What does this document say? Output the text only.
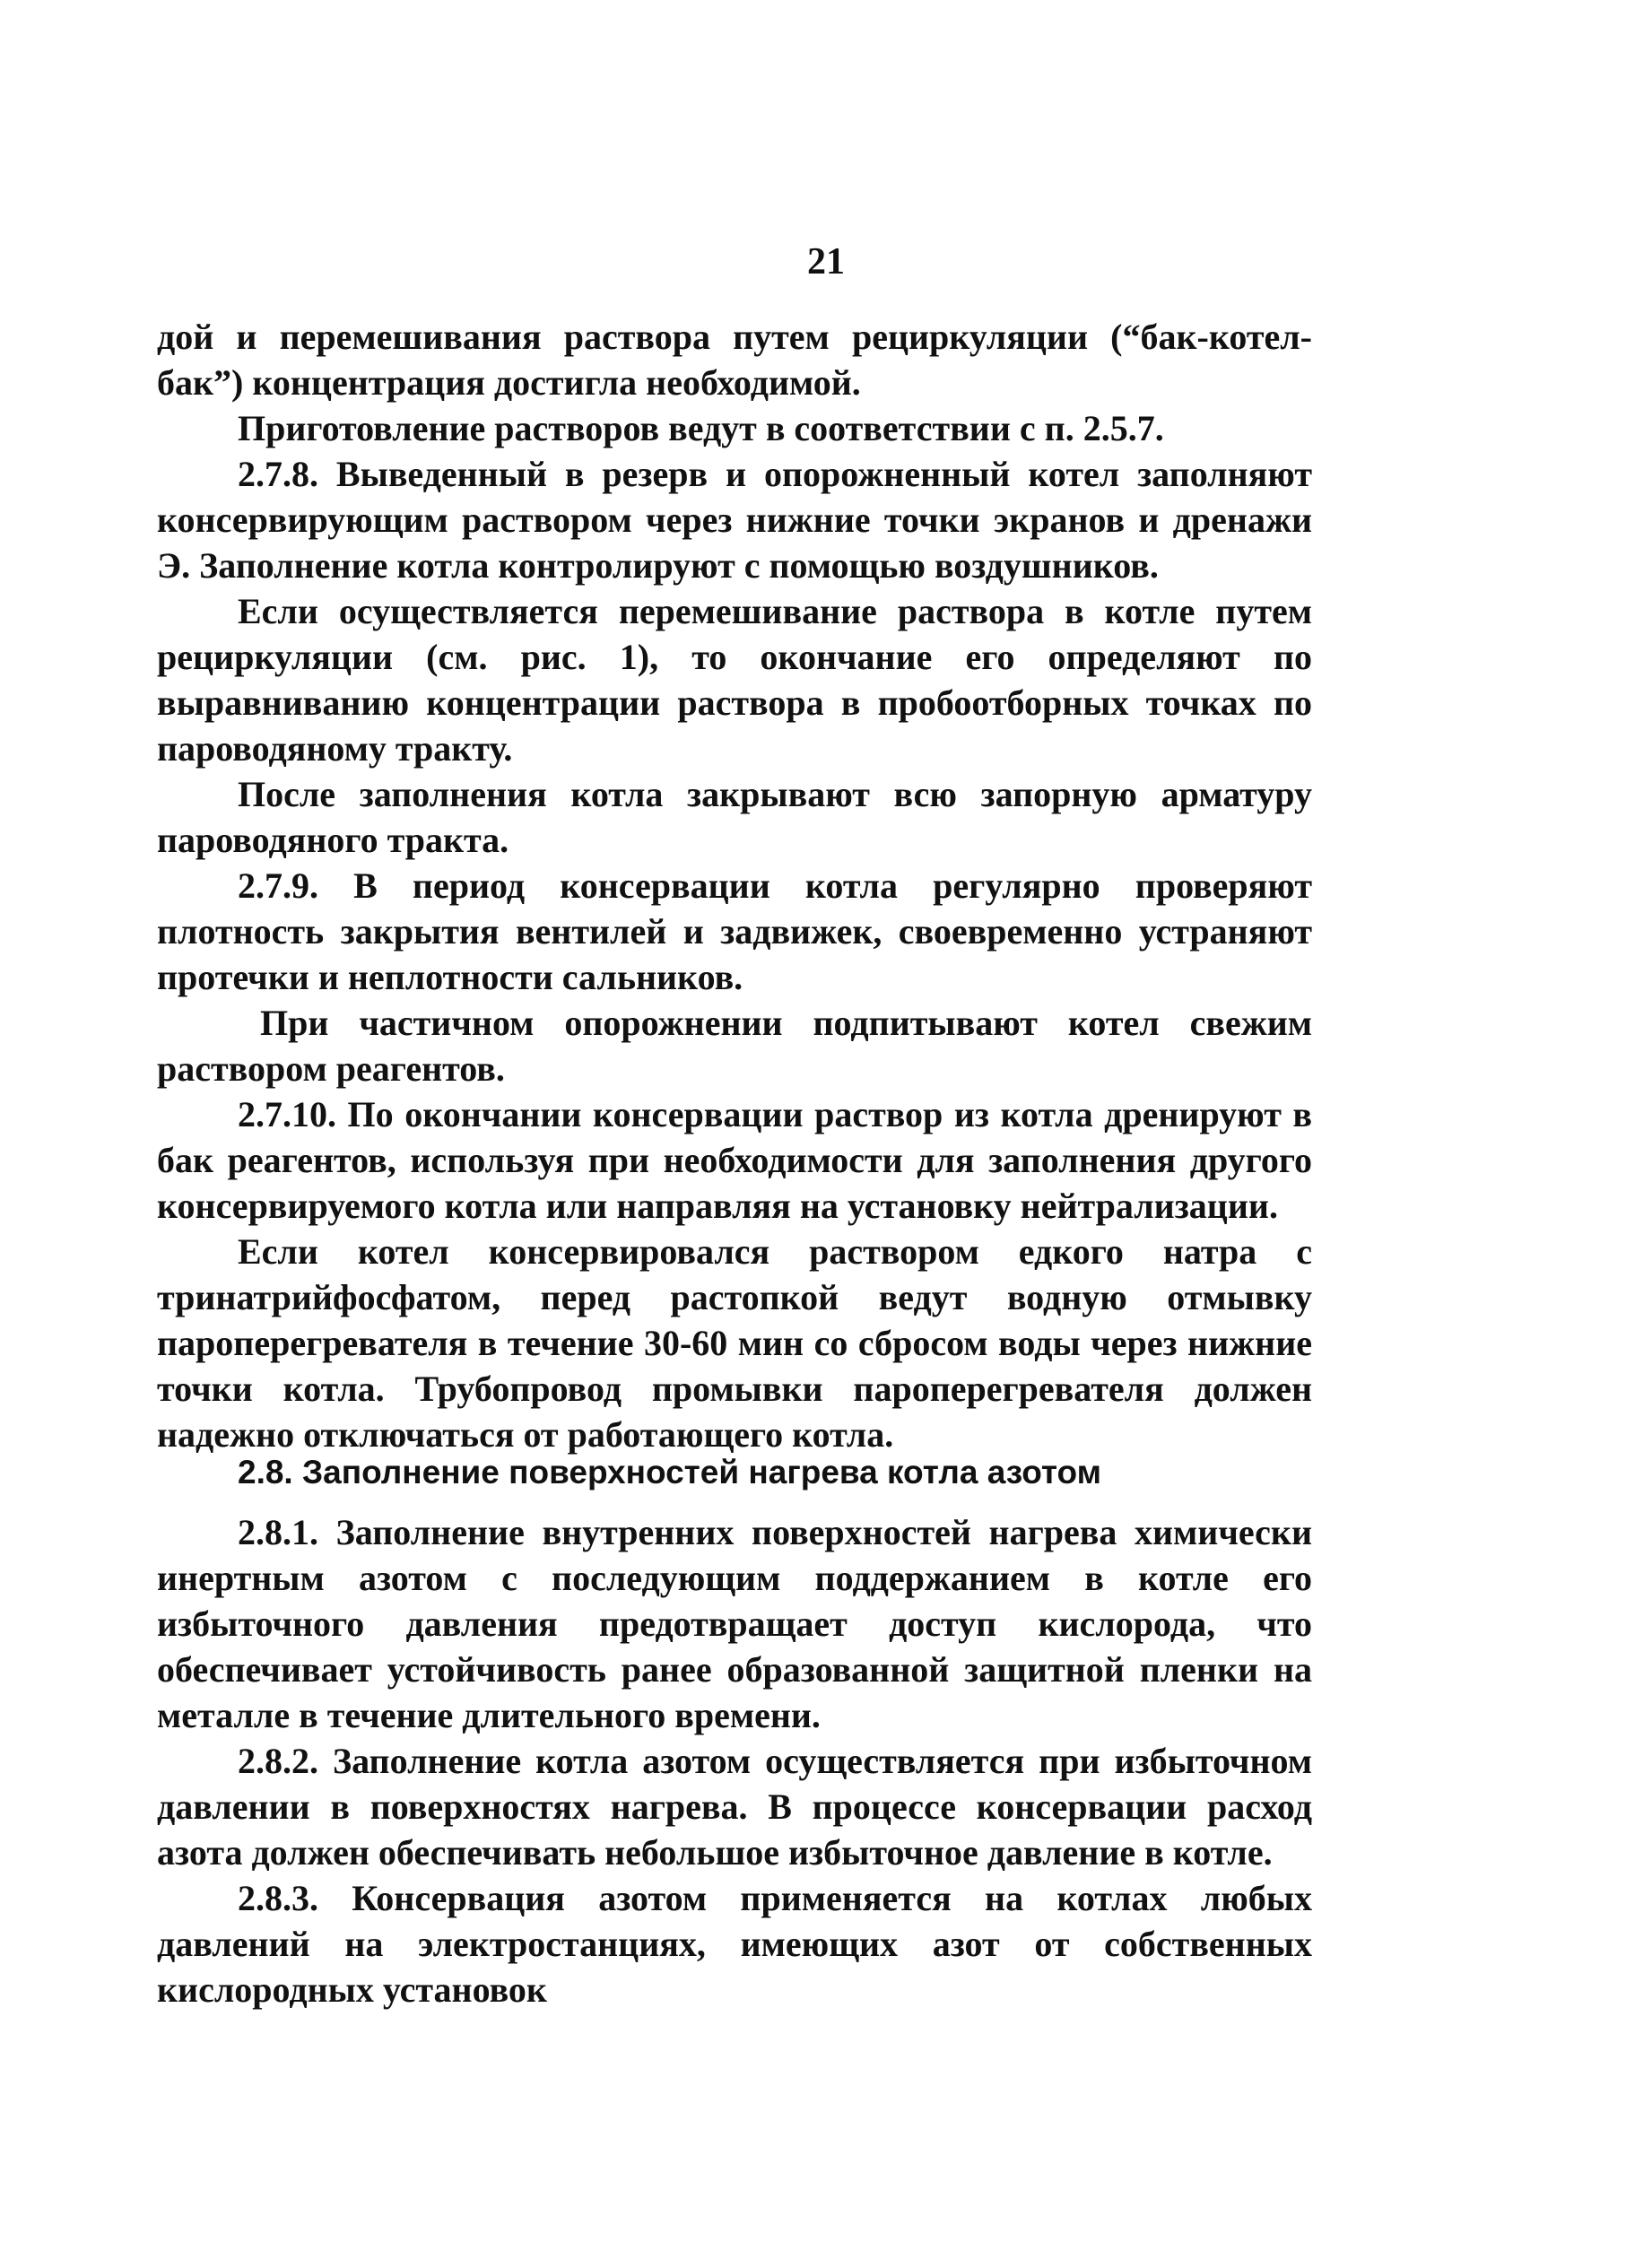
21

дой и перемешивания раствора путем рециркуляции (“бак-котел-бак”) концентрация достигла необходимой.

Приготовление растворов ведут в соответствии с п. 2.5.7.

2.7.8. Выведенный в резерв и опорожненный котел заполняют консервирующим раствором через нижние точки экранов и дренажи Э. Заполнение котла контролируют с помощью воздушников.

Если осуществляется перемешивание раствора в котле путем рециркуляции (см. рис. 1), то окончание его определяют по выравниванию концентрации раствора в пробоотборных точках по пароводяному тракту.

После заполнения котла закрывают всю запорную арматуру пароводяного тракта.

2.7.9. В период консервации котла регулярно проверяют плотность закрытия вентилей и задвижек, своевременно устраняют протечки и неплотности сальников.

При частичном опорожнении подпитывают котел свежим раствором реагентов.

2.7.10. По окончании консервации раствор из котла дренируют в бак реагентов, используя при необходимости для заполнения другого консервируемого котла или направляя на установку нейтрализации.

Если котел консервировался раствором едкого натра с тринатрийфосфатом, перед растопкой ведут водную отмывку пароперегревателя в течение 30-60 мин со сбросом воды через нижние точки котла. Трубопровод промывки пароперегревателя должен надежно отключаться от работающего котла.

2.8. Заполнение поверхностей нагрева котла азотом

2.8.1. Заполнение внутренних поверхностей нагрева химически инертным азотом с последующим поддержанием в котле его избыточного давления предотвращает доступ кислорода, что обеспечивает устойчивость ранее образованной защитной пленки на металле в течение длительного времени.

2.8.2. Заполнение котла азотом осуществляется при избыточном давлении в поверхностях нагрева. В процессе консервации расход азота должен обеспечивать небольшое избыточное давление в котле.

2.8.3. Консервация азотом применяется на котлах любых давлений на электростанциях, имеющих азот от собственных кислородных установок
